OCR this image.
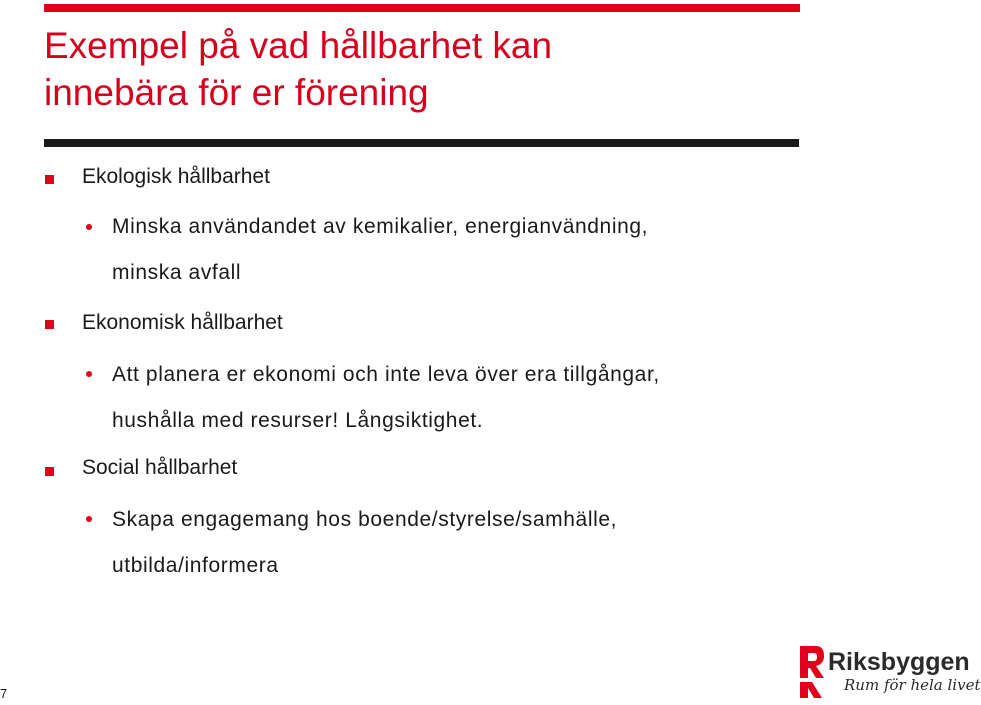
Exempel på vad hållbarhet kan
innebära för er förening
Ekologisk hållbarhet
Minska användandet av kemikalier, energianvändning,
minska avfall
Ekonomisk hållbarhet
Att planera er ekonomi och inte leva över era tillgångar,
hushålla med resurser! Långsiktighet.
Social hållbarhet
Skapa engagemang hos boende/styrelse/samhälle,
utbilda/informera
7
Riksbyggen
Rum för hela livet
